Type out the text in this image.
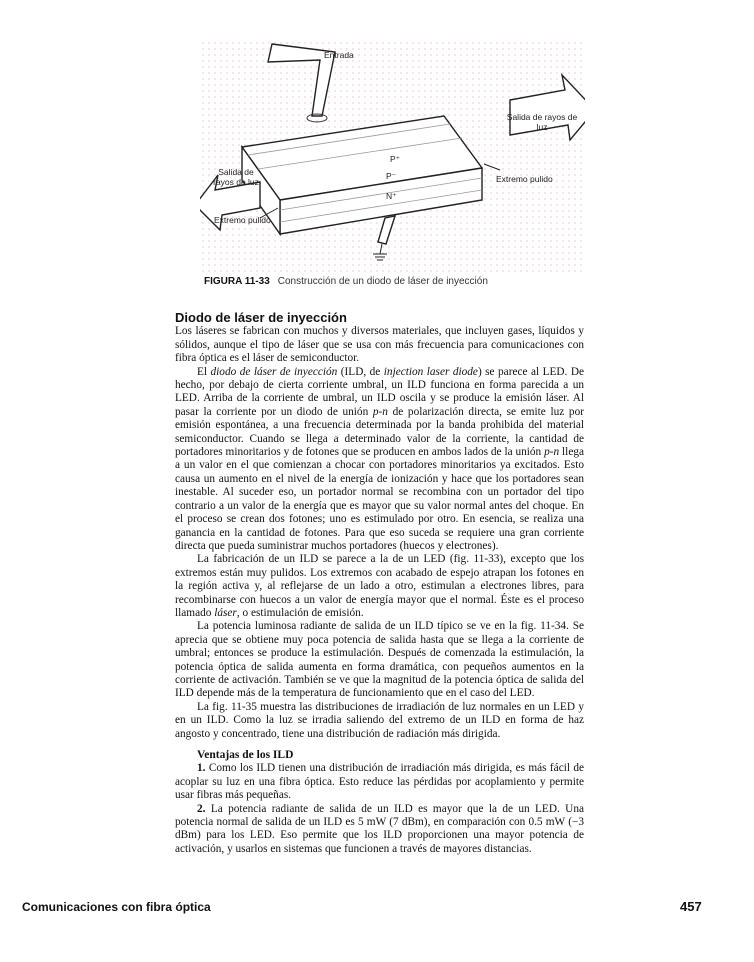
Entrada
Salida de rayos de luz
Salida de rayos de luz	Extremo pulido
Extremo pulido
P⁺
P⁻
N⁺
FIGURA 11-33 Construcción de un diodo de láser de inyección
Diodo de láser de inyección

Los láseres se fabrican con muchos y diversos materiales, que incluyen gases, líquidos y sólidos, aunque el tipo de láser que se usa con más frecuencia para comunicaciones con fibra óptica es el láser de semiconductor.

El diodo de láser de inyección (ILD, de injection laser diode) se parece al LED. De hecho, por debajo de cierta corriente umbral, un ILD funciona en forma parecida a un LED. Arriba de la corriente de umbral, un ILD oscila y se produce la emisión láser. Al pasar la corriente por un diodo de unión p-n de polarización directa, se emite luz por emisión espontánea, a una frecuencia determinada por la banda prohibida del material semiconductor. Cuando se llega a determinado valor de la corriente, la cantidad de portadores minoritarios y de fotones que se producen en ambos lados de la unión p-n llega a un valor en el que comienzan a chocar con portadores minoritarios ya excitados. Esto causa un aumento en el nivel de la energía de ionización y hace que los portadores sean inestable. Al suceder eso, un portador normal se recombina con un portador del tipo contrario a un valor de la energía que es mayor que su valor normal antes del choque. En el proceso se crean dos fotones; uno es estimulado por otro. En esencia, se realiza una ganancia en la cantidad de fotones. Para que eso suceda se requiere una gran corriente directa que pueda suministrar muchos portadores (huecos y electrones).

La fabricación de un ILD se parece a la de un LED (fig. 11-33), excepto que los extremos están muy pulidos. Los extremos con acabado de espejo atrapan los fotones en la región activa y, al reflejarse de un lado a otro, estimulan a electrones libres, para recombinarse con huecos a un valor de energía mayor que el normal. Éste es el proceso llamado láser, o estimulación de emisión.

La potencia luminosa radiante de salida de un ILD típico se ve en la fig. 11-34. Se aprecia que se obtiene muy poca potencia de salida hasta que se llega a la corriente de umbral; entonces se produce la estimulación. Después de comenzada la estimulación, la potencia óptica de salida aumenta en forma dramática, con pequeños aumentos en la corriente de activación. También se ve que la magnitud de la potencia óptica de salida del ILD depende más de la temperatura de funcionamiento que en el caso del LED.

La fig. 11-35 muestra las distribuciones de irradiación de luz normales en un LED y en un ILD. Como la luz se irradia saliendo del extremo de un ILD en forma de haz angosto y concentrado, tiene una distribución de radiación más dirigida.

Ventajas de los ILD

1. Como los ILD tienen una distribución de irradiación más dirigida, es más fácil de acoplar su luz en una fibra óptica. Esto reduce las pérdidas por acoplamiento y permite usar fibras más pequeñas.

2. La potencia radiante de salida de un ILD es mayor que la de un LED. Una potencia normal de salida de un ILD es 5 mW (7 dBm), en comparación con 0.5 mW (−3 dBm) para los LED. Eso permite que los ILD proporcionen una mayor potencia de activación, y usarlos en sistemas que funcionen a través de mayores distancias.

Comunicaciones con fibra óptica	457
